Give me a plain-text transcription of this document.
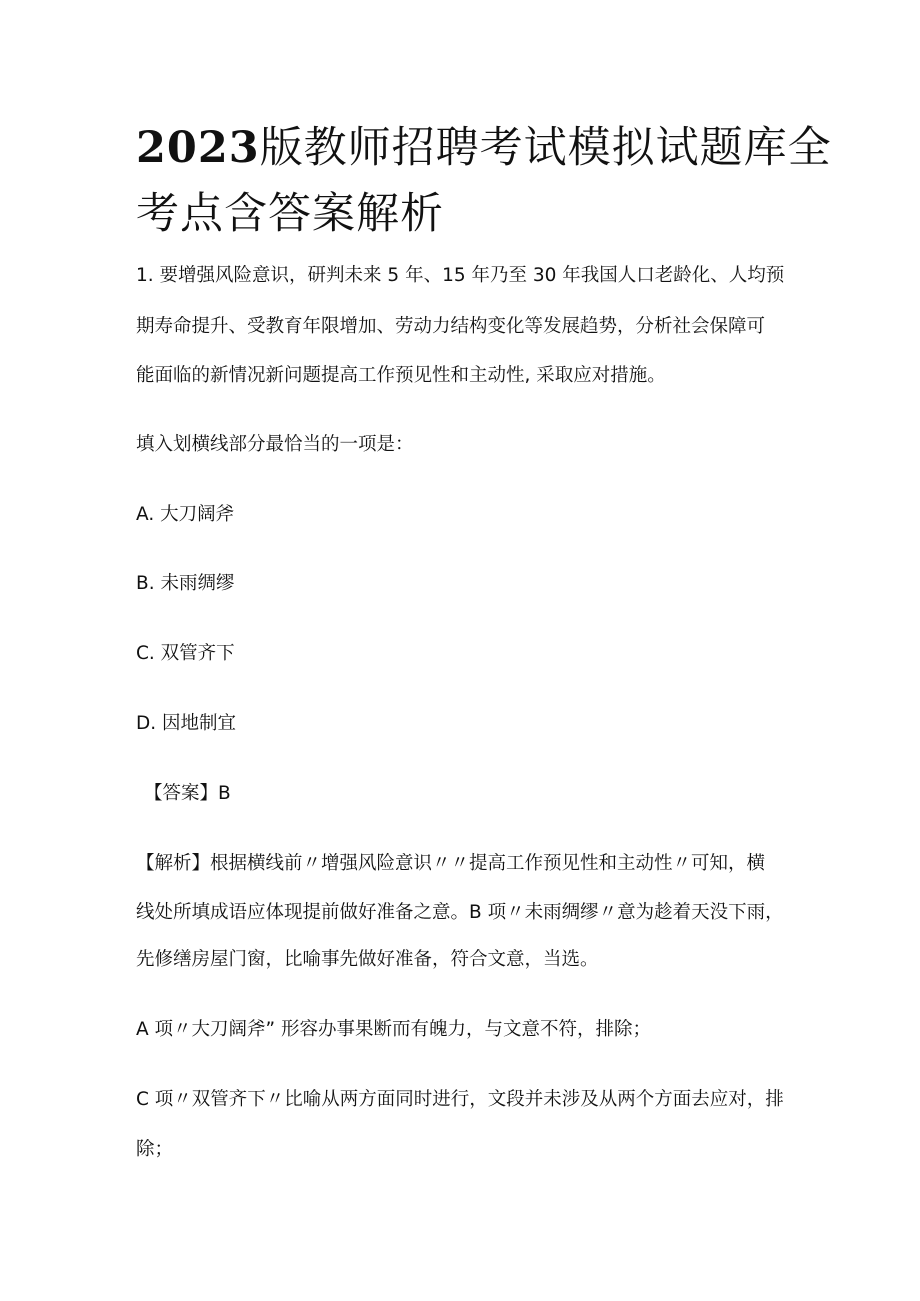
2023版教师招聘考试模拟试题库全
考点含答案解析
1. 要增强风险意识，研判未来 5 年、15 年乃至 30 年我国人口老龄化、人均预
期寿命提升、受教育年限增加、劳动力结构变化等发展趋势，分析社会保障可
能面临的新情况新问题提高工作预见性和主动性, 采取应对措施。
填入划横线部分最恰当的一项是：
A. 大刀阔斧
B. 未雨绸缪
C. 双管齐下
D. 因地制宜
【答案】B
【解析】根据横线前〃增强风险意识〃〃提高工作预见性和主动性〃可知，横
线处所填成语应体现提前做好准备之意。B 项〃未雨绸缪〃意为趁着天没下雨，
先修缮房屋门窗，比喻事先做好准备，符合文意，当选。
A 项〃大刀阔斧” 形容办事果断而有魄力，与文意不符，排除；
C 项〃双管齐下〃比喻从两方面同时进行，文段并未涉及从两个方面去应对，排
除；
